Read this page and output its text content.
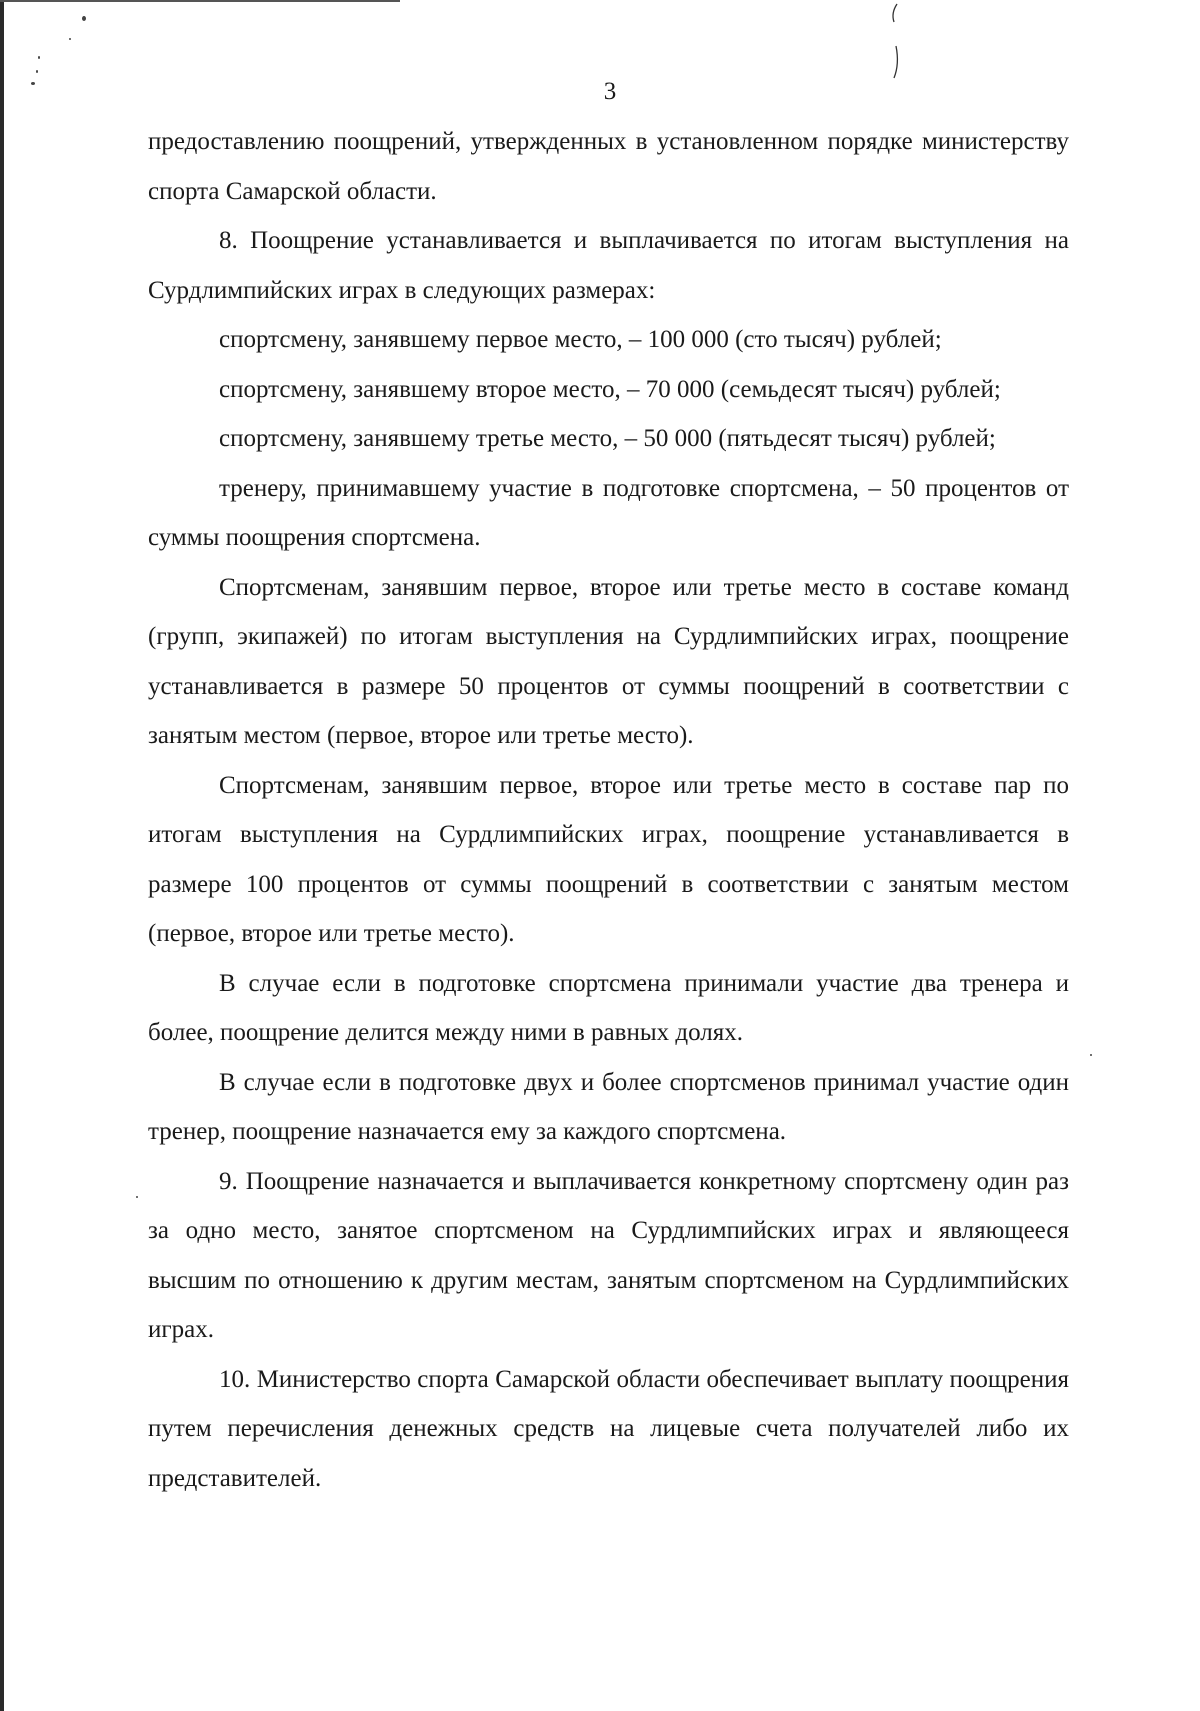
3

предоставлению поощрений, утвержденных в установленном порядке министерству спорта Самарской области.

8. Поощрение устанавливается и выплачивается по итогам выступления на Сурдлимпийских играх в следующих размерах:

спортсмену, занявшему первое место, – 100 000 (сто тысяч) рублей;

спортсмену, занявшему второе место, – 70 000 (семьдесят тысяч) рублей;

спортсмену, занявшему третье место, – 50 000 (пятьдесят тысяч) рублей;

тренеру, принимавшему участие в подготовке спортсмена, – 50 процентов от суммы поощрения спортсмена.

Спортсменам, занявшим первое, второе или третье место в составе команд (групп, экипажей) по итогам выступления на Сурдлимпийских играх, поощрение устанавливается в размере 50 процентов от суммы поощрений в соответствии с занятым местом (первое, второе или третье место).

Спортсменам, занявшим первое, второе или третье место в составе пар по итогам выступления на Сурдлимпийских играх, поощрение устанавливается в размере 100 процентов от суммы поощрений в соответствии с занятым местом (первое, второе или третье место).

В случае если в подготовке спортсмена принимали участие два тренера и более, поощрение делится между ними в равных долях.

В случае если в подготовке двух и более спортсменов принимал участие один тренер, поощрение назначается ему за каждого спортсмена.

9. Поощрение назначается и выплачивается конкретному спортсмену один раз за одно место, занятое спортсменом на Сурдлимпийских играх и являющееся высшим по отношению к другим местам, занятым спортсменом на Сурдлимпийских играх.

10. Министерство спорта Самарской области обеспечивает выплату поощрения путем перечисления денежных средств на лицевые счета получателей либо их представителей.
